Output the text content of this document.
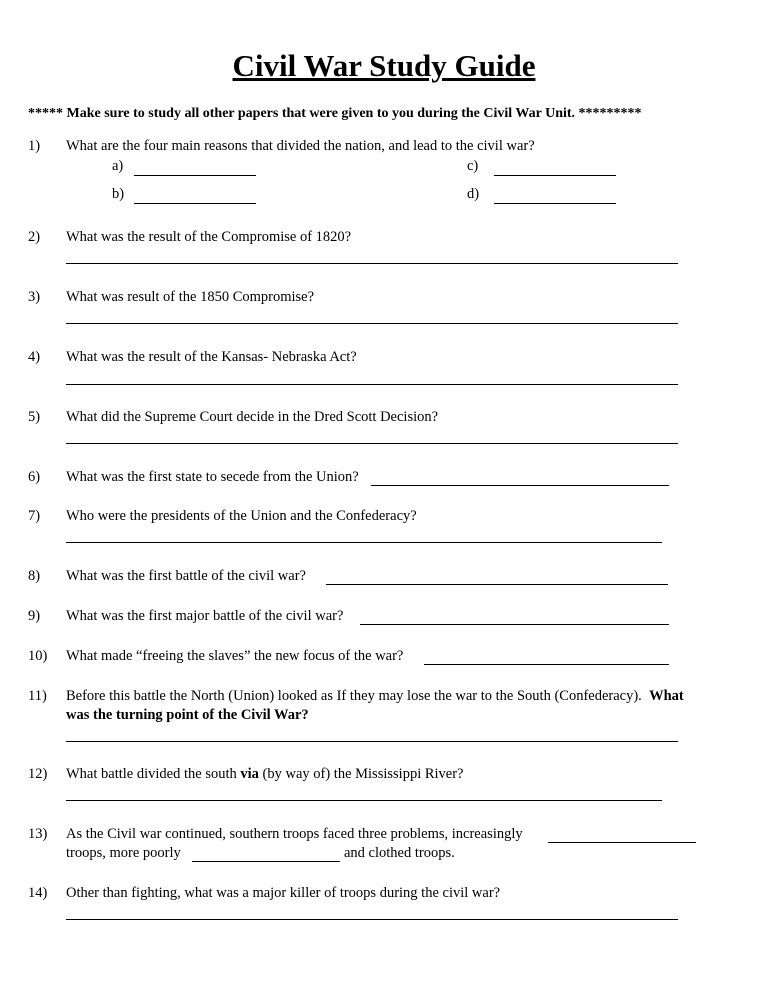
Civil War Study Guide
***** Make sure to study all other papers that were given to you during the Civil War Unit. *********
1) What are the four main reasons that divided the nation, and lead to the civil war?
a)	c)
b)	d)
2) What was the result of the Compromise of 1820?
3) What was result of the 1850 Compromise?
4) What was the result of the Kansas- Nebraska Act?
5) What did the Supreme Court decide in the Dred Scott Decision?
6) What was the first state to secede from the Union?
7) Who were the presidents of the Union and the Confederacy?
8) What was the first battle of the civil war?
9) What was the first major battle of the civil war?
10) What made “freeing the slaves” the new focus of the war?
11) Before this battle the North (Union) looked as If they may lose the war to the South (Confederacy). What
was the turning point of the Civil War?
12) What battle divided the south via (by way of) the Mississippi River?
13) As the Civil war continued, southern troops faced three problems, increasingly
troops, more poorly	and clothed troops.
14) Other than fighting, what was a major killer of troops during the civil war?
